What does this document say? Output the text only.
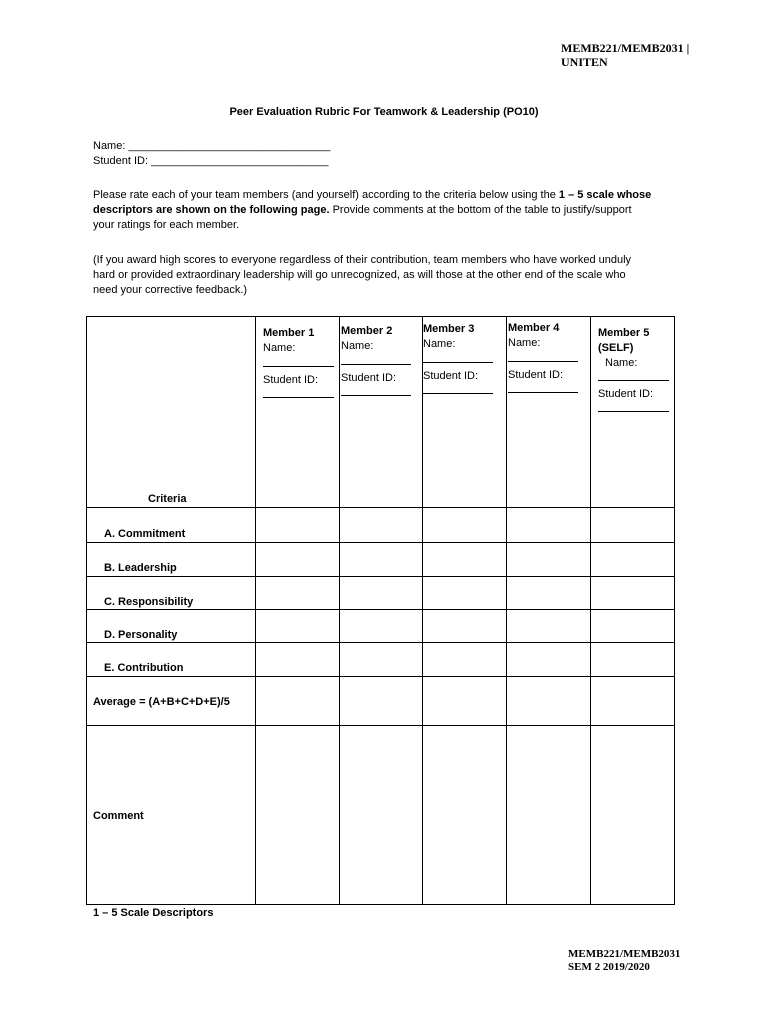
MEMB221/MEMB2031 |
UNITEN
Peer Evaluation Rubric For Teamwork & Leadership (PO10)
Name: _________________________________
Student ID: _____________________________
Please rate each of your team members (and yourself) according to the criteria below using the 1 – 5 scale whose descriptors are shown on the following page. Provide comments at the bottom of the table to justify/support your ratings for each member.
(If you award high scores to everyone regardless of their contribution, team members who have worked unduly hard or provided extraordinary leadership will go unrecognized, as will those at the other end of the scale who need your corrective feedback.)
Criteria
Member 1
Name:
Student ID:
Member 2
Name:
Student ID:
Member 3
Name:
Student ID:
Member 4
Name:
Student ID:
Member 5
(SELF)
Name:
Student ID:
A. Commitment
B. Leadership
C. Responsibility
D. Personality
E. Contribution
Average = (A+B+C+D+E)/5
Comment
1 – 5 Scale Descriptors
MEMB221/MEMB2031
SEM 2 2019/2020
